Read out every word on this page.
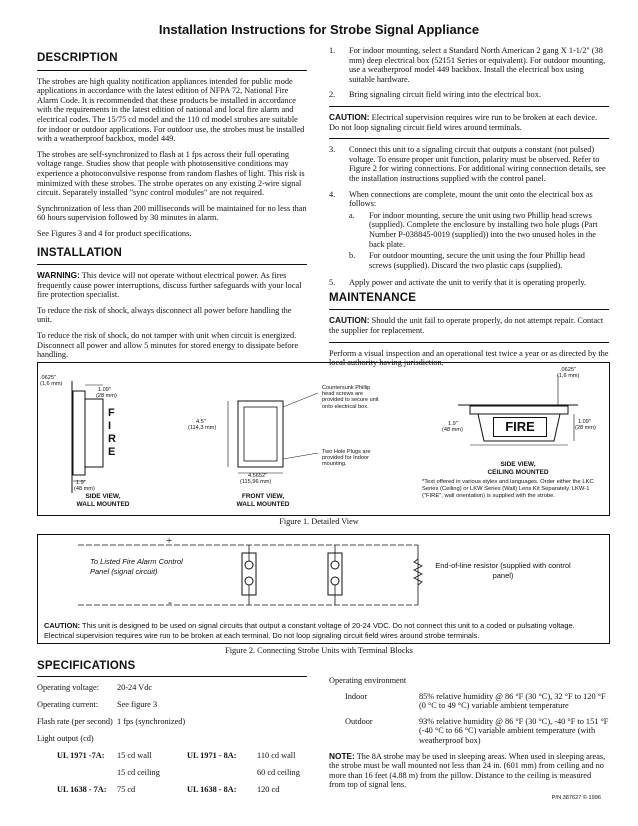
Installation Instructions for Strobe Signal Appliance
DESCRIPTION

The strobes are high quality notification appliances intended for public mode applications in accordance with the latest edition of NFPA 72, National Fire Alarm Code. It is recommended that these products be installed in accordance with the requirements in the latest edition of national and local fire alarm and electrical codes. The 15/75 cd model and the 110 cd model strobes are suitable for indoor or outdoor applications. For outdoor use, the strobes must be installed with a weatherproof backbox, model 449.

The strobes are self-synchronized to flash at 1 fps across their full operating voltage range. Studies show that people with photosensitive conditions may experience a photoconvulsive response from random flashes of light. This risk is minimized with these strobes. The strobe operates on any existing 2-wire signal circuit. Separately installed "sync control modules" are not required.

Synchronization of less than 200 milliseconds will be maintained for no less than 60 hours supervision followed by 30 minutes in alarm.

See Figures 3 and 4 for product specifications.

INSTALLATION

WARNING: This device will not operate without electrical power. As fires frequently cause power interruptions, discuss further safeguards with your local fire protection specialist.

To reduce the risk of shock, always disconnect all power before handling the unit.

To reduce the risk of shock, do not tamper with unit when circuit is energized. Disconnect all power and allow 5 minutes for stored energy to dissipate before handling.

1.	For indoor mounting, select a Standard North American 2 gang X 1-1/2" (38 mm) deep electrical box (52151 Series or equivalent). For outdoor mounting, use a weatherproof model 449 backbox. Install the electrical box using suitable hardware.
2.	Bring signaling circuit field wiring into the electrical box.

CAUTION: Electrical supervision requires wire run to be broken at each device. Do not loop signaling circuit field wires around terminals.

3.	Connect this unit to a signaling circuit that outputs a constant (not pulsed) voltage. To ensure proper unit function, polarity must be observed. Refer to Figure 2 for wiring connections. For additional wiring connection details, see the installation instructions supplied with the control panel.
4.	When connections are complete, mount the unit onto the electrical box as follows:
a.	For indoor mounting, secure the unit using two Phillip head screws (supplied). Complete the enclosure by installing two hole plugs (Part Number P-038845-0019 (supplied)) into the two unused holes in the back plate.
b.	For outdoor mounting, secure the unit using the four Phillip head screws (supplied). Discard the two plastic caps (supplied).
5.	Apply power and activate the unit to verify that it is operating properly.
MAINTENANCE

CAUTION: Should the unit fail to operate properly, do not attempt repair. Contact the supplier for replacement.

Perform a visual inspection and an operational test twice a year or as directed by the local authority having jurisdiction.

.0625"
(1,6 mm)
1.09"
(28 mm)
F
I
R
E
1.9"
(48 mm)
SIDE VIEW,
WALL MOUNTED
4.5"
(114,3 mm)
4.5652"
(115,96 mm)
FRONT VIEW,
WALL MOUNTED
Countersunk Phillip head screws are provided to secure unit onto electrical box.
Two Hole Plugs are provided for Indoor mounting.
.0625"
(1,6 mm)
1.9"
(48 mm)
1.09"
(28 mm)
FIRE
SIDE VIEW,
CEILING MOUNTED
*Text offered in various styles and languages. Order either the LKC Series (Ceiling) or LKW Series (Wall) Lens Kit Separately. LKW-1 ("FIRE", wall orientation) is supplied with the strobe.
Figure 1. Detailed View
+
-
To Listed Fire Alarm Control Panel (signal circuit)
End-of-line resistor (supplied with control panel)
CAUTION: This unit is designed to be used on signal circuits that output a constant voltage of 20-24 VDC. Do not connect this unit to a coded or pulsating voltage. Electrical supervision requires wire run to be broken at each terminal. Do not loop signaling circuit field wires around strobe terminals.
Figure 2. Connecting Strobe Units with Terminal Blocks
SPECIFICATIONS
Operating voltage:	20-24 Vdc
Operating current:	See figure 3
Flash rate (per second) 1 fps (synchronized)
Light output (cd)
UL 1971 -7A:	15 cd wall	UL 1971 - 8A:	110 cd wall
15 cd ceiling	60 cd ceiling
UL 1638 - 7A:	75 cd	UL 1638 - 8A:	120 cd
Operating environment
Indoor	85% relative humidity @ 86 °F (30 °C), 32 °F to 120 °F (0 °C to 49 °C) variable ambient temperature
Outdoor	93% relative humidity @ 86 °F (30 °C), -40 °F to 151 °F (-40 °C to 66 °C) variable ambient temperature (with weatherproof box)
NOTE: The 8A strobe may be used in sleeping areas. When used in sleeping areas, the strobe must be wall mounted not less than 24 in. (601 mm) from ceiling and no more than 16 feet (4.88 m) from the pillow. Distance to the ceiling is measured from top of signal lens.
P/N 387627 © 1996
